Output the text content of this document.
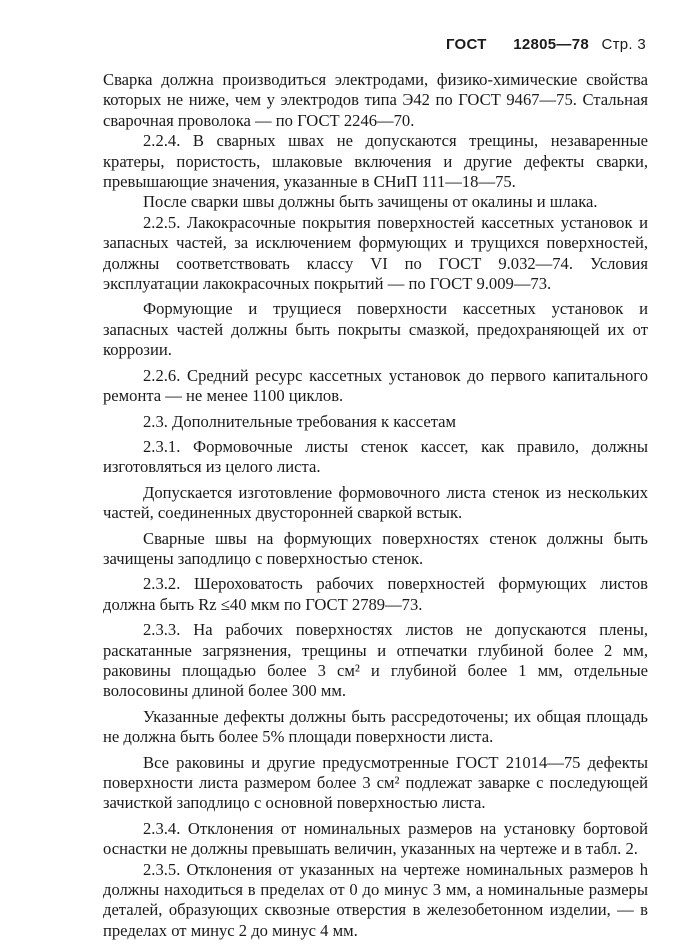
ГОСТ 12805—78 Стр. 3

Сварка должна производиться электродами, физико-химические свойства которых не ниже, чем у электродов типа Э42 по ГОСТ 9467—75. Стальная сварочная проволока — по ГОСТ 2246—70.

2.2.4. В сварных швах не допускаются трещины, незаваренные кратеры, пористость, шлаковые включения и другие дефекты сварки, превышающие значения, указанные в СНиП 111—18—75.

После сварки швы должны быть зачищены от окалины и шлака.

2.2.5. Лакокрасочные покрытия поверхностей кассетных установок и запасных частей, за исключением формующих и трущихся поверхностей, должны соответствовать классу VI по ГОСТ 9.032—74. Условия эксплуатации лакокрасочных покрытий — по ГОСТ 9.009—73.

Формующие и трущиеся поверхности кассетных установок и запасных частей должны быть покрыты смазкой, предохраняющей их от коррозии.

2.2.6. Средний ресурс кассетных установок до первого капитального ремонта — не менее 1100 циклов.

2.3. Дополнительные требования к кассетам

2.3.1. Формовочные листы стенок кассет, как правило, должны изготовляться из целого листа.

Допускается изготовление формовочного листа стенок из нескольких частей, соединенных двусторонней сваркой встык.

Сварные швы на формующих поверхностях стенок должны быть зачищены заподлицо с поверхностью стенок.

2.3.2. Шероховатость рабочих поверхностей формующих листов должна быть Rz ≤40 мкм по ГОСТ 2789—73.

2.3.3. На рабочих поверхностях листов не допускаются плены, раскатанные загрязнения, трещины и отпечатки глубиной более 2 мм, раковины площадью более 3 см² и глубиной более 1 мм, отдельные волосовины длиной более 300 мм.

Указанные дефекты должны быть рассредоточены; их общая площадь не должна быть более 5% площади поверхности листа.

Все раковины и другие предусмотренные ГОСТ 21014—75 дефекты поверхности листа размером более 3 см² подлежат заварке с последующей зачисткой заподлицо с основной поверхностью листа.

2.3.4. Отклонения от номинальных размеров на установку бортовой оснастки не должны превышать величин, указанных на чертеже и в табл. 2.

2.3.5. Отклонения от указанных на чертеже номинальных размеров h должны находиться в пределах от 0 до минус 3 мм, а номинальные размеры деталей, образующих сквозные отверстия в железобетонном изделии, — в пределах от минус 2 до минус 4 мм.
